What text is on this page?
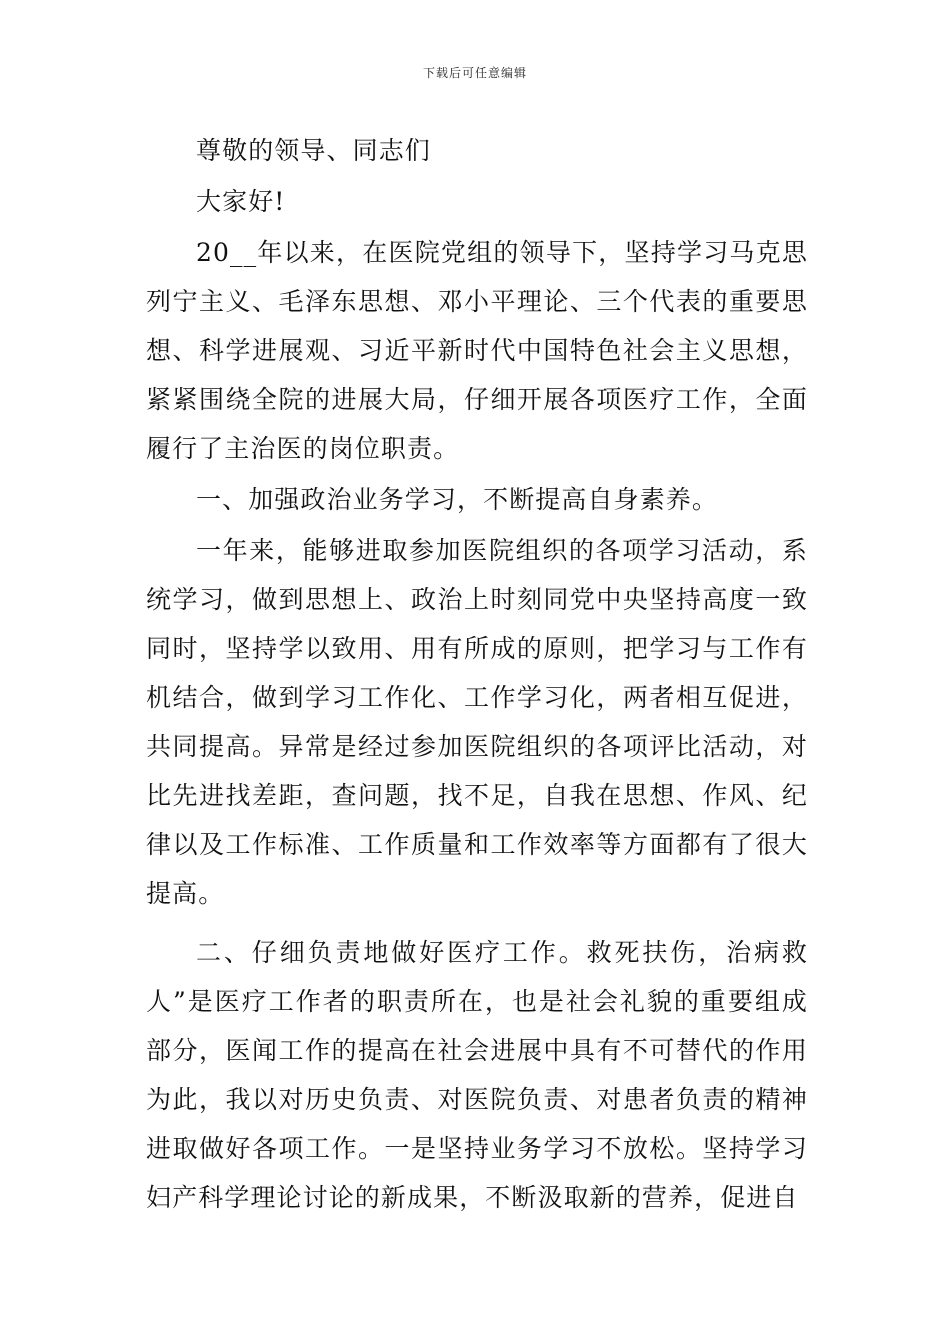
下载后可任意编辑

尊敬的领导、同志们

大家好!

20__年以来，在医院党组的领导下，坚持学习马克思列宁主义、毛泽东思想、邓小平理论、三个代表的重要思想、科学进展观、习近平新时代中国特色社会主义思想，紧紧围绕全院的进展大局，仔细开展各项医疗工作，全面履行了主治医的岗位职责。

一、加强政治业务学习，不断提高自身素养。

一年来，能够进取参加医院组织的各项学习活动，系统学习，做到思想上、政治上时刻同党中央坚持高度一致同时，坚持学以致用、用有所成的原则，把学习与工作有机结合，做到学习工作化、工作学习化，两者相互促进，共同提高。异常是经过参加医院组织的各项评比活动，对比先进找差距，查问题，找不足，自我在思想、作风、纪律以及工作标准、工作质量和工作效率等方面都有了很大提高。

二、仔细负责地做好医疗工作。救死扶伤，治病救人”是医疗工作者的职责所在，也是社会礼貌的重要组成部分，医闻工作的提高在社会进展中具有不可替代的作用为此，我以对历史负责、对医院负责、对患者负责的精神进取做好各项工作。一是坚持业务学习不放松。坚持学习妇产科学理论讨论的新成果，不断汲取新的营养，促进自
